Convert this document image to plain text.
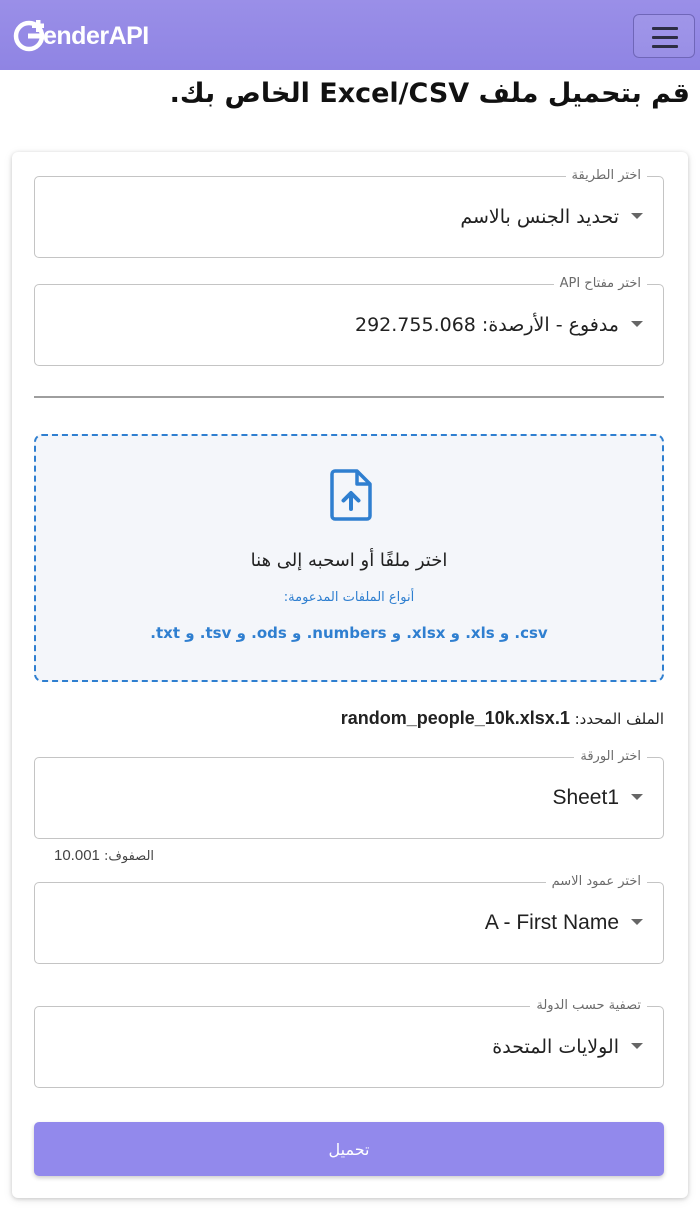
enderAPI
قم بتحميل ملف Excel/CSV الخاص بك.
اختر الطريقة
تحديد الجنس بالاسم
اختر مفتاح API
مدفوع - الأرصدة: 292.755.068
اختر ملفًا أو اسحبه إلى هنا
أنواع الملفات المدعومة:
csv. و xls. و xlsx. و numbers. و ods. و tsv. و txt.
الملف المحدد: random_people_10k.xlsx.1
اختر الورقة
Sheet1
الصفوف: 10.001
اختر عمود الاسم
A - First Name
تصفية حسب الدولة
الولايات المتحدة
تحميل
